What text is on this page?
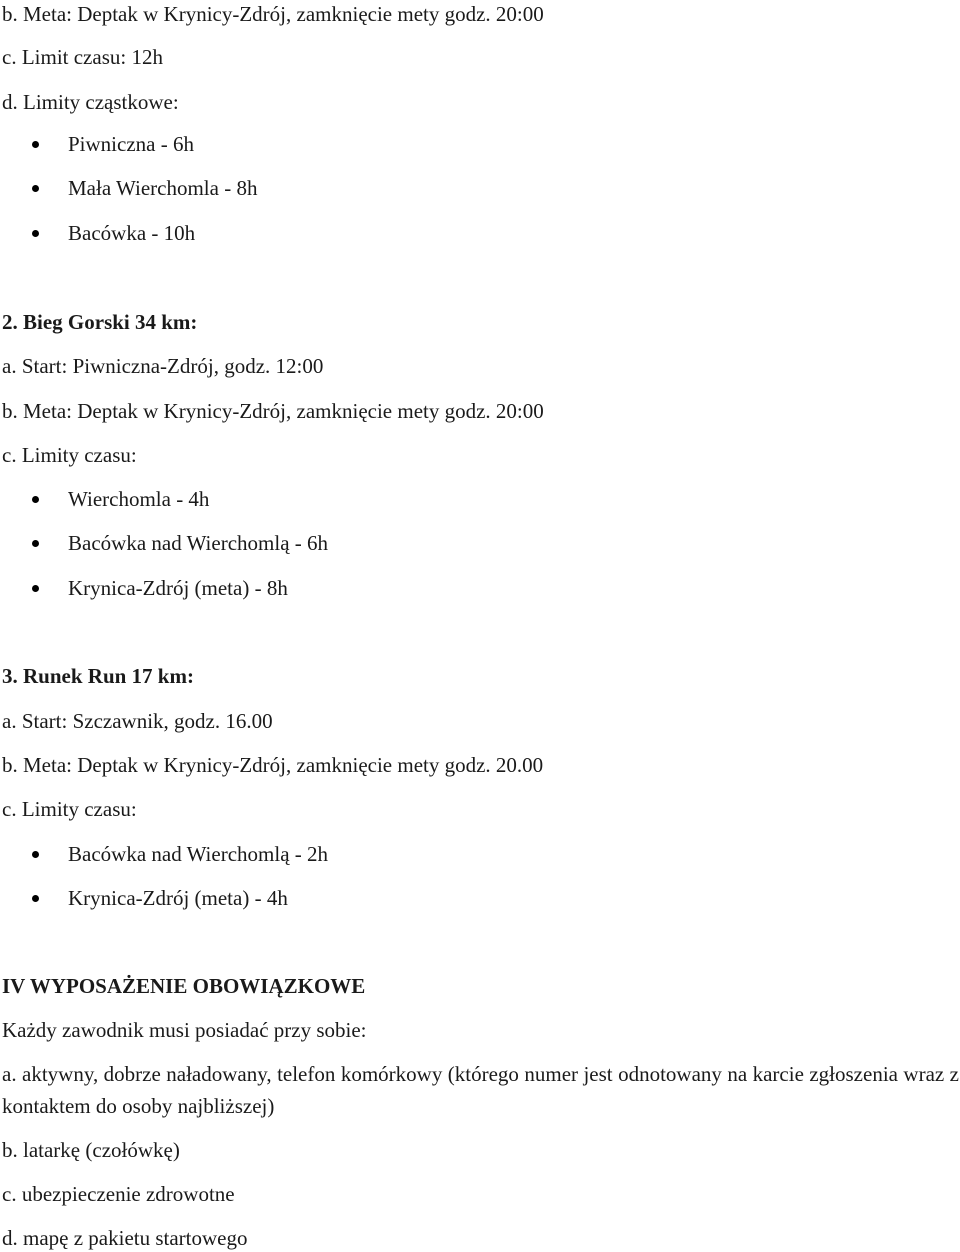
b. Meta: Deptak w Krynicy-Zdrój, zamknięcie mety godz. 20:00
c. Limit czasu: 12h
d. Limity cząstkowe:
Piwniczna - 6h
Mała Wierchomla - 8h
Bacówka - 10h
2. Bieg Gorski 34 km:
a. Start: Piwniczna-Zdrój, godz. 12:00
b. Meta: Deptak w Krynicy-Zdrój, zamknięcie mety godz. 20:00
c. Limity czasu:
Wierchomla - 4h
Bacówka nad Wierchomlą - 6h
Krynica-Zdrój (meta) - 8h
3. Runek Run 17 km:
a. Start: Szczawnik, godz. 16.00
b. Meta: Deptak w Krynicy-Zdrój, zamknięcie mety godz. 20.00
c. Limity czasu:
Bacówka nad Wierchomlą - 2h
Krynica-Zdrój (meta) - 4h
IV WYPOSAŻENIE OBOWIĄZKOWE
Każdy zawodnik musi posiadać przy sobie:
a. aktywny, dobrze naładowany, telefon komórkowy (którego numer jest odnotowany na karcie zgłoszenia wraz z kontaktem do osoby najbliższej)
b. latarkę (czołówkę)
c. ubezpieczenie zdrowotne
d. mapę z pakietu startowego
